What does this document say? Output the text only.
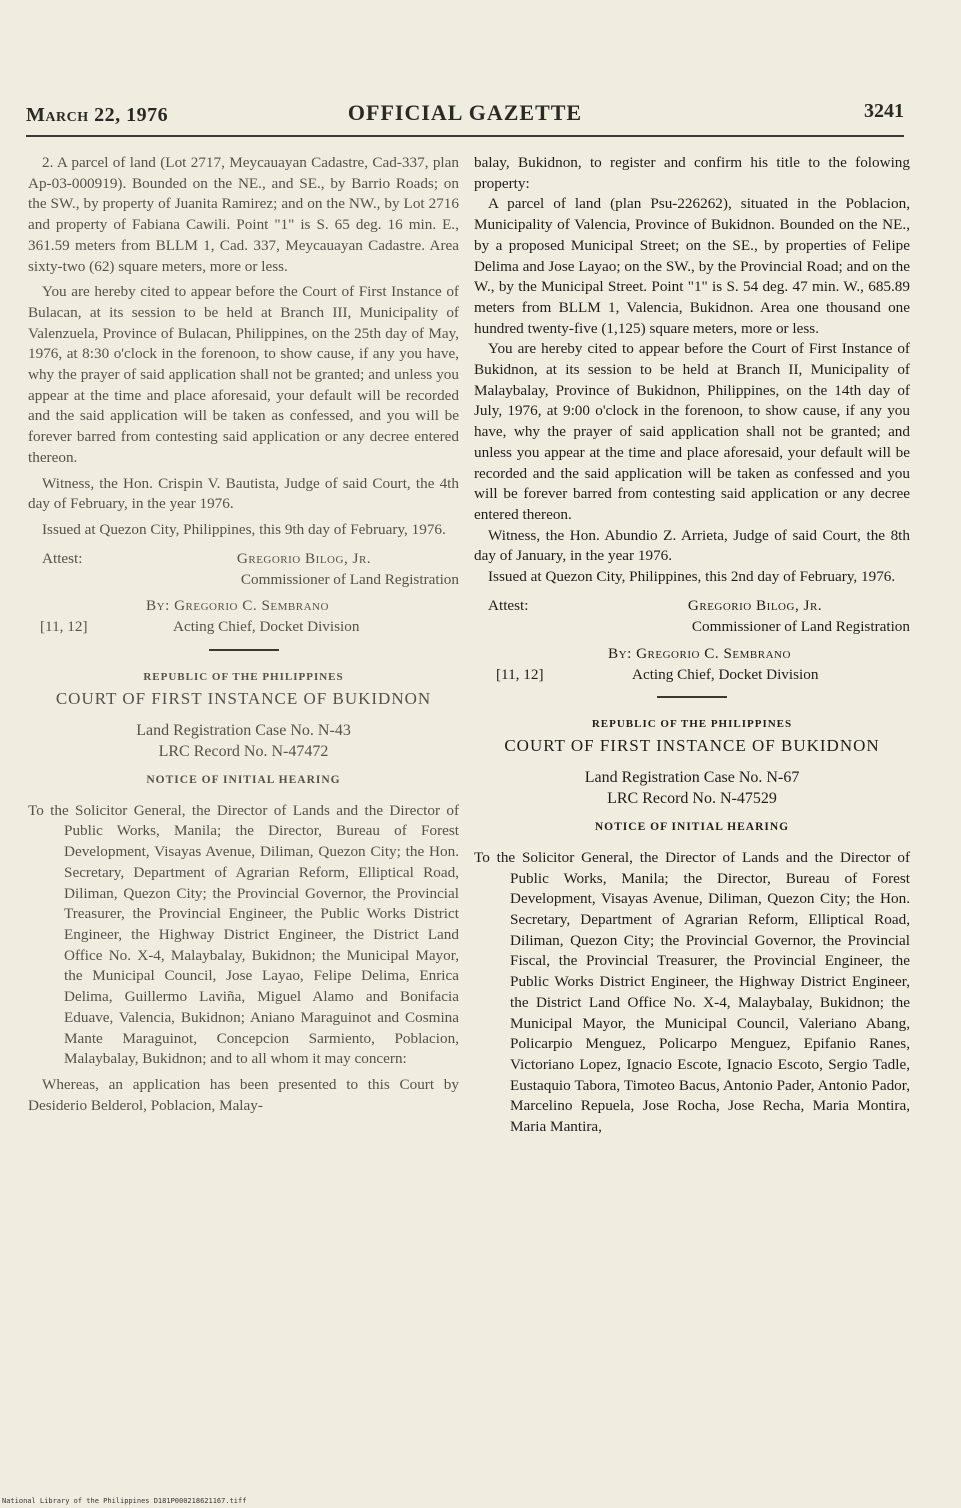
March 22, 1976	OFFICIAL GAZETTE	3241

2. A parcel of land (Lot 2717, Meycauayan Cadastre, Cad-337, plan Ap-03-000919). Bounded on the NE., and SE., by Barrio Roads; on the SW., by property of Juanita Ramirez; and on the NW., by Lot 2716 and property of Fabiana Cawili. Point "1" is S. 65 deg. 16 min. E., 361.59 meters from BLLM 1, Cad. 337, Meycauayan Cadastre. Area sixty-two (62) square meters, more or less.

You are hereby cited to appear before the Court of First Instance of Bulacan, at its session to be held at Branch III, Municipality of Valenzuela, Province of Bulacan, Philippines, on the 25th day of May, 1976, at 8:30 o'clock in the forenoon, to show cause, if any you have, why the prayer of said application shall not be granted; and unless you appear at the time and place aforesaid, your default will be recorded and the said application will be taken as confessed, and you will be forever barred from contesting said application or any decree entered thereon.

Witness, the Hon. Crispin V. Bautista, Judge of said Court, the 4th day of February, in the year 1976.

Issued at Quezon City, Philippines, this 9th day of February, 1976.

Attest:	Gregorio Bilog, Jr.
Commissioner of Land Registration
By: Gregorio C. Sembrano
[11, 12]	Acting Chief, Docket Division
REPUBLIC OF THE PHILIPPINES
COURT OF FIRST INSTANCE OF BUKIDNON
Land Registration Case No. N-43
LRC Record No. N-47472
NOTICE OF INITIAL HEARING

To the Solicitor General, the Director of Lands and the Director of Public Works, Manila; the Director, Bureau of Forest Development, Visayas Avenue, Diliman, Quezon City; the Hon. Secretary, Department of Agrarian Reform, Elliptical Road, Diliman, Quezon City; the Provincial Governor, the Provincial Treasurer, the Provincial Engineer, the Public Works District Engineer, the Highway District Engineer, the District Land Office No. X-4, Malaybalay, Bukidnon; the Municipal Mayor, the Municipal Council, Jose Layao, Felipe Delima, Enrica Delima, Guillermo Laviña, Miguel Alamo and Bonifacia Eduave, Valencia, Bukidnon; Aniano Maraguinot and Cosmina Mante Maraguinot, Concepcion Sarmiento, Poblacion, Malaybalay, Bukidnon; and to all whom it may concern:

Whereas, an application has been presented to this Court by Desiderio Belderol, Poblacion, Malay-

balay, Bukidnon, to register and confirm his title to the folowing property:

A parcel of land (plan Psu-226262), situated in the Poblacion, Municipality of Valencia, Province of Bukidnon. Bounded on the NE., by a proposed Municipal Street; on the SE., by properties of Felipe Delima and Jose Layao; on the SW., by the Provincial Road; and on the W., by the Municipal Street. Point "1" is S. 54 deg. 47 min. W., 685.89 meters from BLLM 1, Valencia, Bukidnon. Area one thousand one hundred twenty-five (1,125) square meters, more or less.

You are hereby cited to appear before the Court of First Instance of Bukidnon, at its session to be held at Branch II, Municipality of Malaybalay, Province of Bukidnon, Philippines, on the 14th day of July, 1976, at 9:00 o'clock in the forenoon, to show cause, if any you have, why the prayer of said application shall not be granted; and unless you appear at the time and place aforesaid, your default will be recorded and the said application will be taken as confessed and you will be forever barred from contesting said application or any decree entered thereon.

Witness, the Hon. Abundio Z. Arrieta, Judge of said Court, the 8th day of January, in the year 1976.

Issued at Quezon City, Philippines, this 2nd day of February, 1976.

Attest:	Gregorio Bilog, Jr.
Commissioner of Land Registration
By: Gregorio C. Sembrano
[11, 12]	Acting Chief, Docket Division
REPUBLIC OF THE PHILIPPINES
COURT OF FIRST INSTANCE OF BUKIDNON
Land Registration Case No. N-67
LRC Record No. N-47529
NOTICE OF INITIAL HEARING

To the Solicitor General, the Director of Lands and the Director of Public Works, Manila; the Director, Bureau of Forest Development, Visayas Avenue, Diliman, Quezon City; the Hon. Secretary, Department of Agrarian Reform, Elliptical Road, Diliman, Quezon City; the Provincial Governor, the Provincial Fiscal, the Provincial Treasurer, the Provincial Engineer, the Public Works District Engineer, the Highway District Engineer, the District Land Office No. X-4, Malaybalay, Bukidnon; the Municipal Mayor, the Municipal Council, Valeriano Abang, Policarpio Menguez, Policarpo Menguez, Epifanio Ranes, Victoriano Lopez, Ignacio Escote, Ignacio Escoto, Sergio Tadle, Eustaquio Tabora, Timoteo Bacus, Antonio Pader, Antonio Pador, Marcelino Repuela, Jose Rocha, Jose Recha, Maria Montira, Maria Mantira,

National Library of the Philippines D181P000218621167.tiff
